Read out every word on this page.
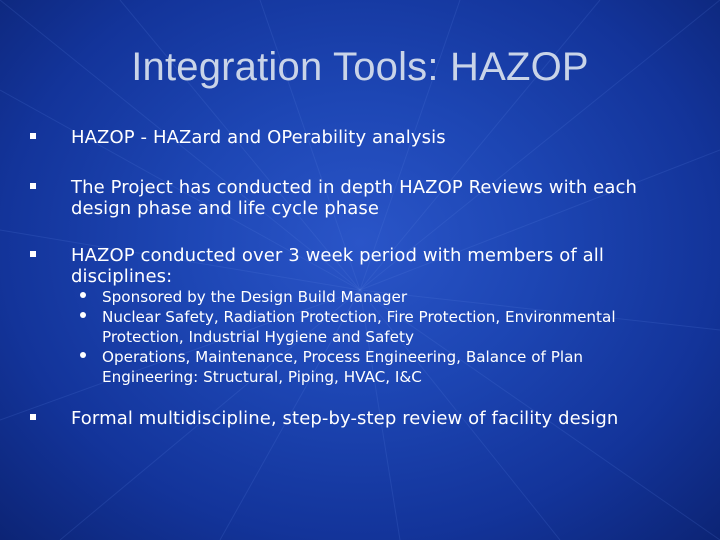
Integration Tools: HAZOP
HAZOP - HAZard and OPerability analysis
The Project has conducted in depth HAZOP Reviews with each design phase and life cycle phase
HAZOP conducted over 3 week period with members of all disciplines:
Sponsored by the Design Build Manager
Nuclear Safety, Radiation Protection, Fire Protection, Environmental Protection, Industrial Hygiene and Safety
Operations, Maintenance, Process Engineering, Balance of Plan Engineering: Structural, Piping, HVAC, I&C
Formal multidiscipline, step-by-step review of facility design
